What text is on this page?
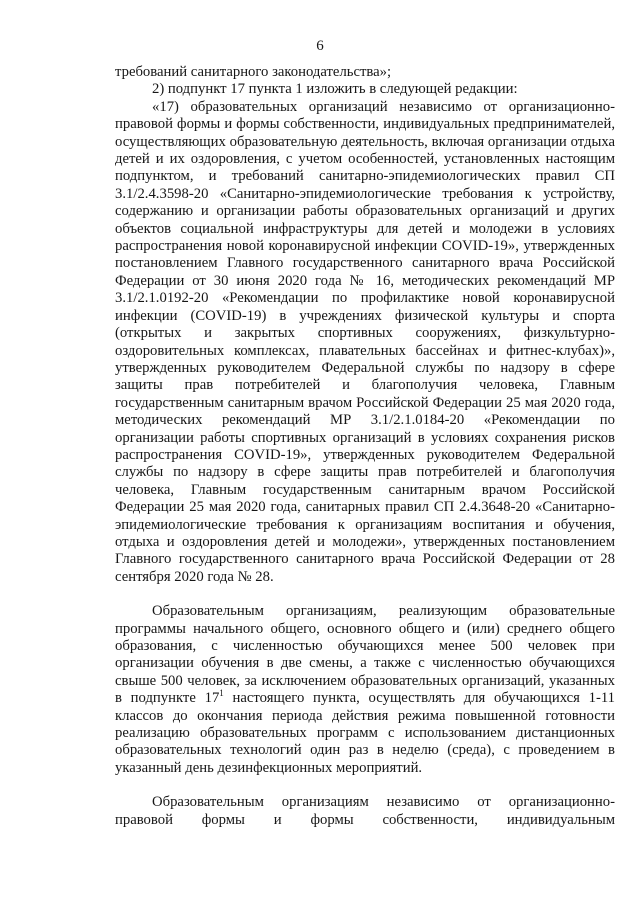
6

требований санитарного законодательства»;

2) подпункт 17 пункта 1 изложить в следующей редакции:

«17) образовательных организаций независимо от организационно-правовой формы и формы собственности, индивидуальных предпринимателей, осуществляющих образовательную деятельность, включая организации отдыха детей и их оздоровления, с учетом особенностей, установленных настоящим подпунктом, и требований санитарно-эпидемиологических правил СП 3.1/2.4.3598-20 «Санитарно-эпидемиологические требования к устройству, содержанию и организации работы образовательных организаций и других объектов социальной инфраструктуры для детей и молодежи в условиях распространения новой коронавирусной инфекции COVID-19», утвержденных постановлением Главного государственного санитарного врача Российской Федерации от 30 июня 2020 года № 16, методических рекомендаций МР 3.1/2.1.0192-20 «Рекомендации по профилактике новой коронавирусной инфекции (COVID-19) в учреждениях физической культуры и спорта (открытых и закрытых спортивных сооружениях, физкультурно-оздоровительных комплексах, плавательных бассейнах и фитнес-клубах)», утвержденных руководителем Федеральной службы по надзору в сфере защиты прав потребителей и благополучия человека, Главным государственным санитарным врачом Российской Федерации 25 мая 2020 года, методических рекомендаций МР 3.1/2.1.0184-20 «Рекомендации по организации работы спортивных организаций в условиях сохранения рисков распространения COVID-19», утвержденных руководителем Федеральной службы по надзору в сфере защиты прав потребителей и благополучия человека, Главным государственным санитарным врачом Российской Федерации 25 мая 2020 года, санитарных правил СП 2.4.3648-20 «Санитарно-эпидемиологические требования к организациям воспитания и обучения, отдыха и оздоровления детей и молодежи», утвержденных постановлением Главного государственного санитарного врача Российской Федерации от 28 сентября 2020 года № 28.

Образовательным организациям, реализующим образовательные программы начального общего, основного общего и (или) среднего общего образования, с численностью обучающихся менее 500 человек при организации обучения в две смены, а также с численностью обучающихся свыше 500 человек, за исключением образовательных организаций, указанных в подпункте $17^1$ настоящего пункта, осуществлять для обучающихся 1-11 классов до окончания периода действия режима повышенной готовности реализацию образовательных программ с использованием дистанционных образовательных технологий один раз в неделю (среда), с проведением в указанный день дезинфекционных мероприятий.

Образовательным организациям независимо от организационно-правовой формы и формы собственности, индивидуальным
